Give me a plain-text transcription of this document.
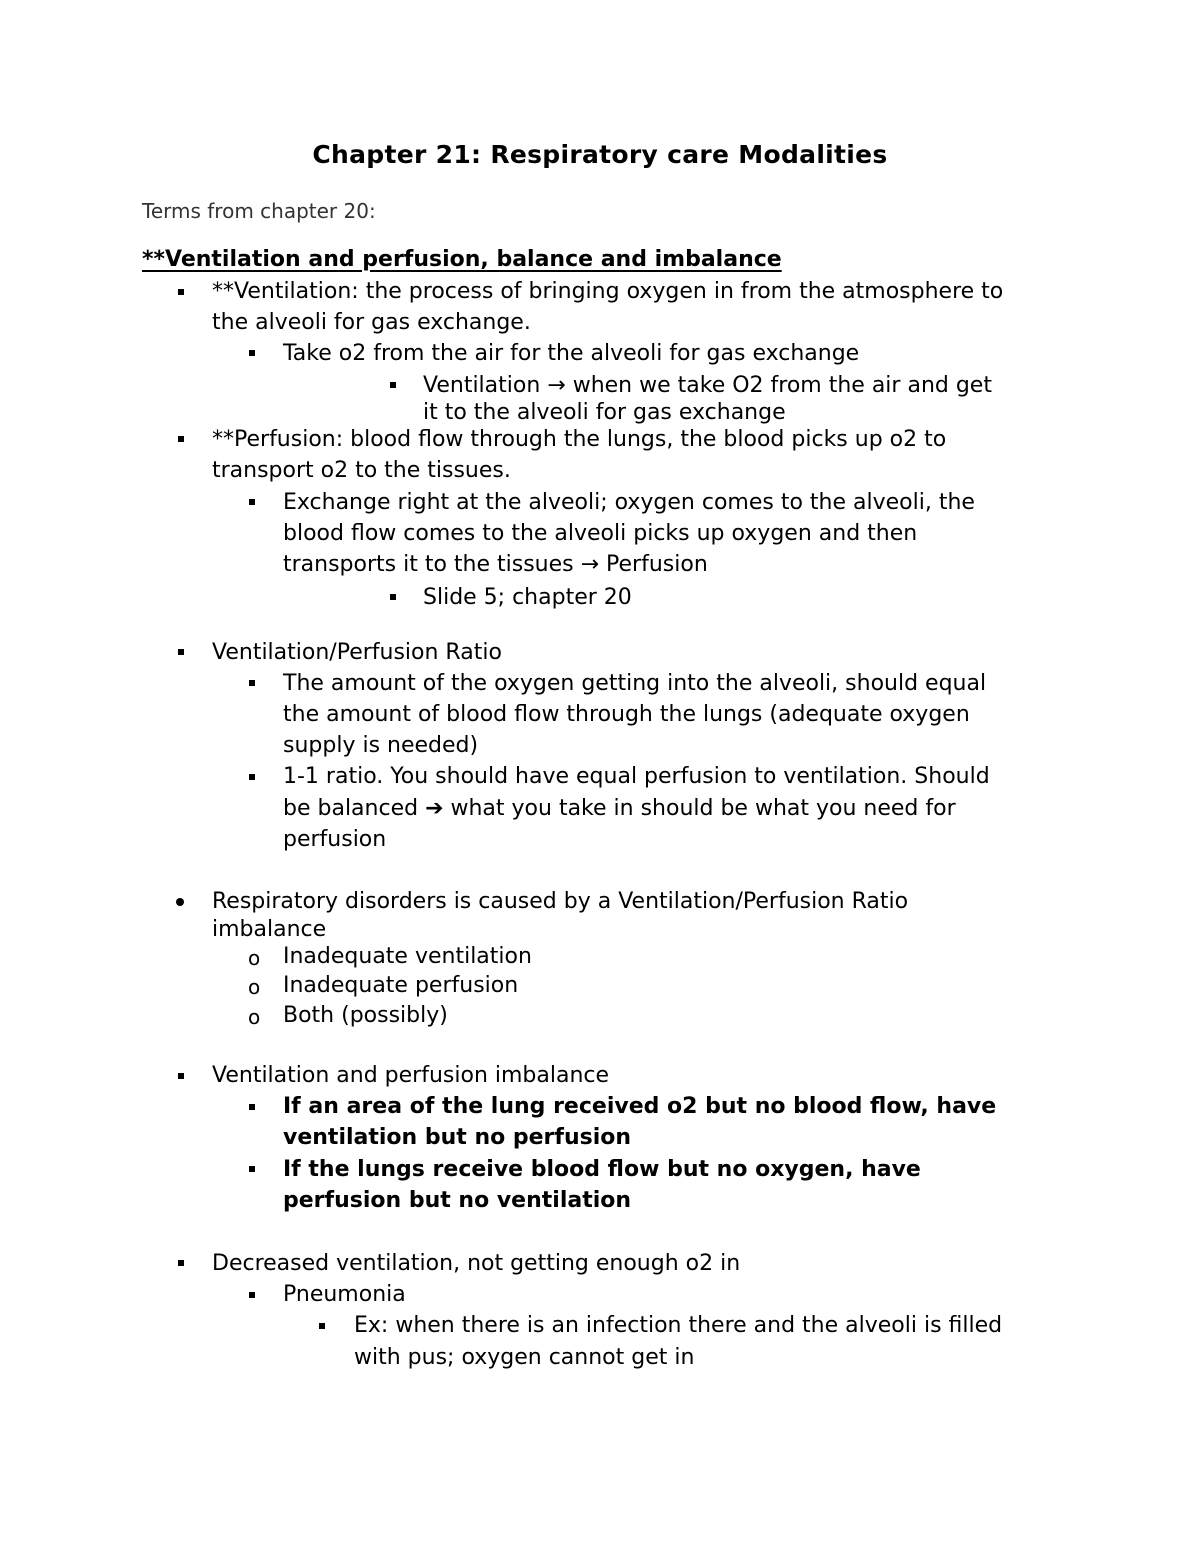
Chapter 21: Respiratory care Modalities

Terms from chapter 20:

**Ventilation and perfusion, balance and imbalance

**Ventilation: the process of bringing oxygen in from the atmosphere to

the alveoli for gas exchange.

Take o2 from the air for the alveoli for gas exchange

Ventilation → when we take O2 from the air and get

it to the alveoli for gas exchange

**Perfusion: blood flow through the lungs, the blood picks up o2 to

transport o2 to the tissues.

Exchange right at the alveoli; oxygen comes to the alveoli, the

blood flow comes to the alveoli picks up oxygen and then

transports it to the tissues → Perfusion

Slide 5; chapter 20

Ventilation/Perfusion Ratio

The amount of the oxygen getting into the alveoli, should equal

the amount of blood flow through the lungs (adequate oxygen

supply is needed)

1-1 ratio. You should have equal perfusion to ventilation. Should

be balanced ➔ what you take in should be what you need for

perfusion

Respiratory disorders is caused by a Ventilation/Perfusion Ratio

imbalance

o Inadequate ventilation

o Inadequate perfusion

o Both (possibly)

Ventilation and perfusion imbalance

If an area of the lung received o2 but no blood flow, have

ventilation but no perfusion

If the lungs receive blood flow but no oxygen, have

perfusion but no ventilation

Decreased ventilation, not getting enough o2 in

Pneumonia

Ex: when there is an infection there and the alveoli is filled

with pus; oxygen cannot get in
